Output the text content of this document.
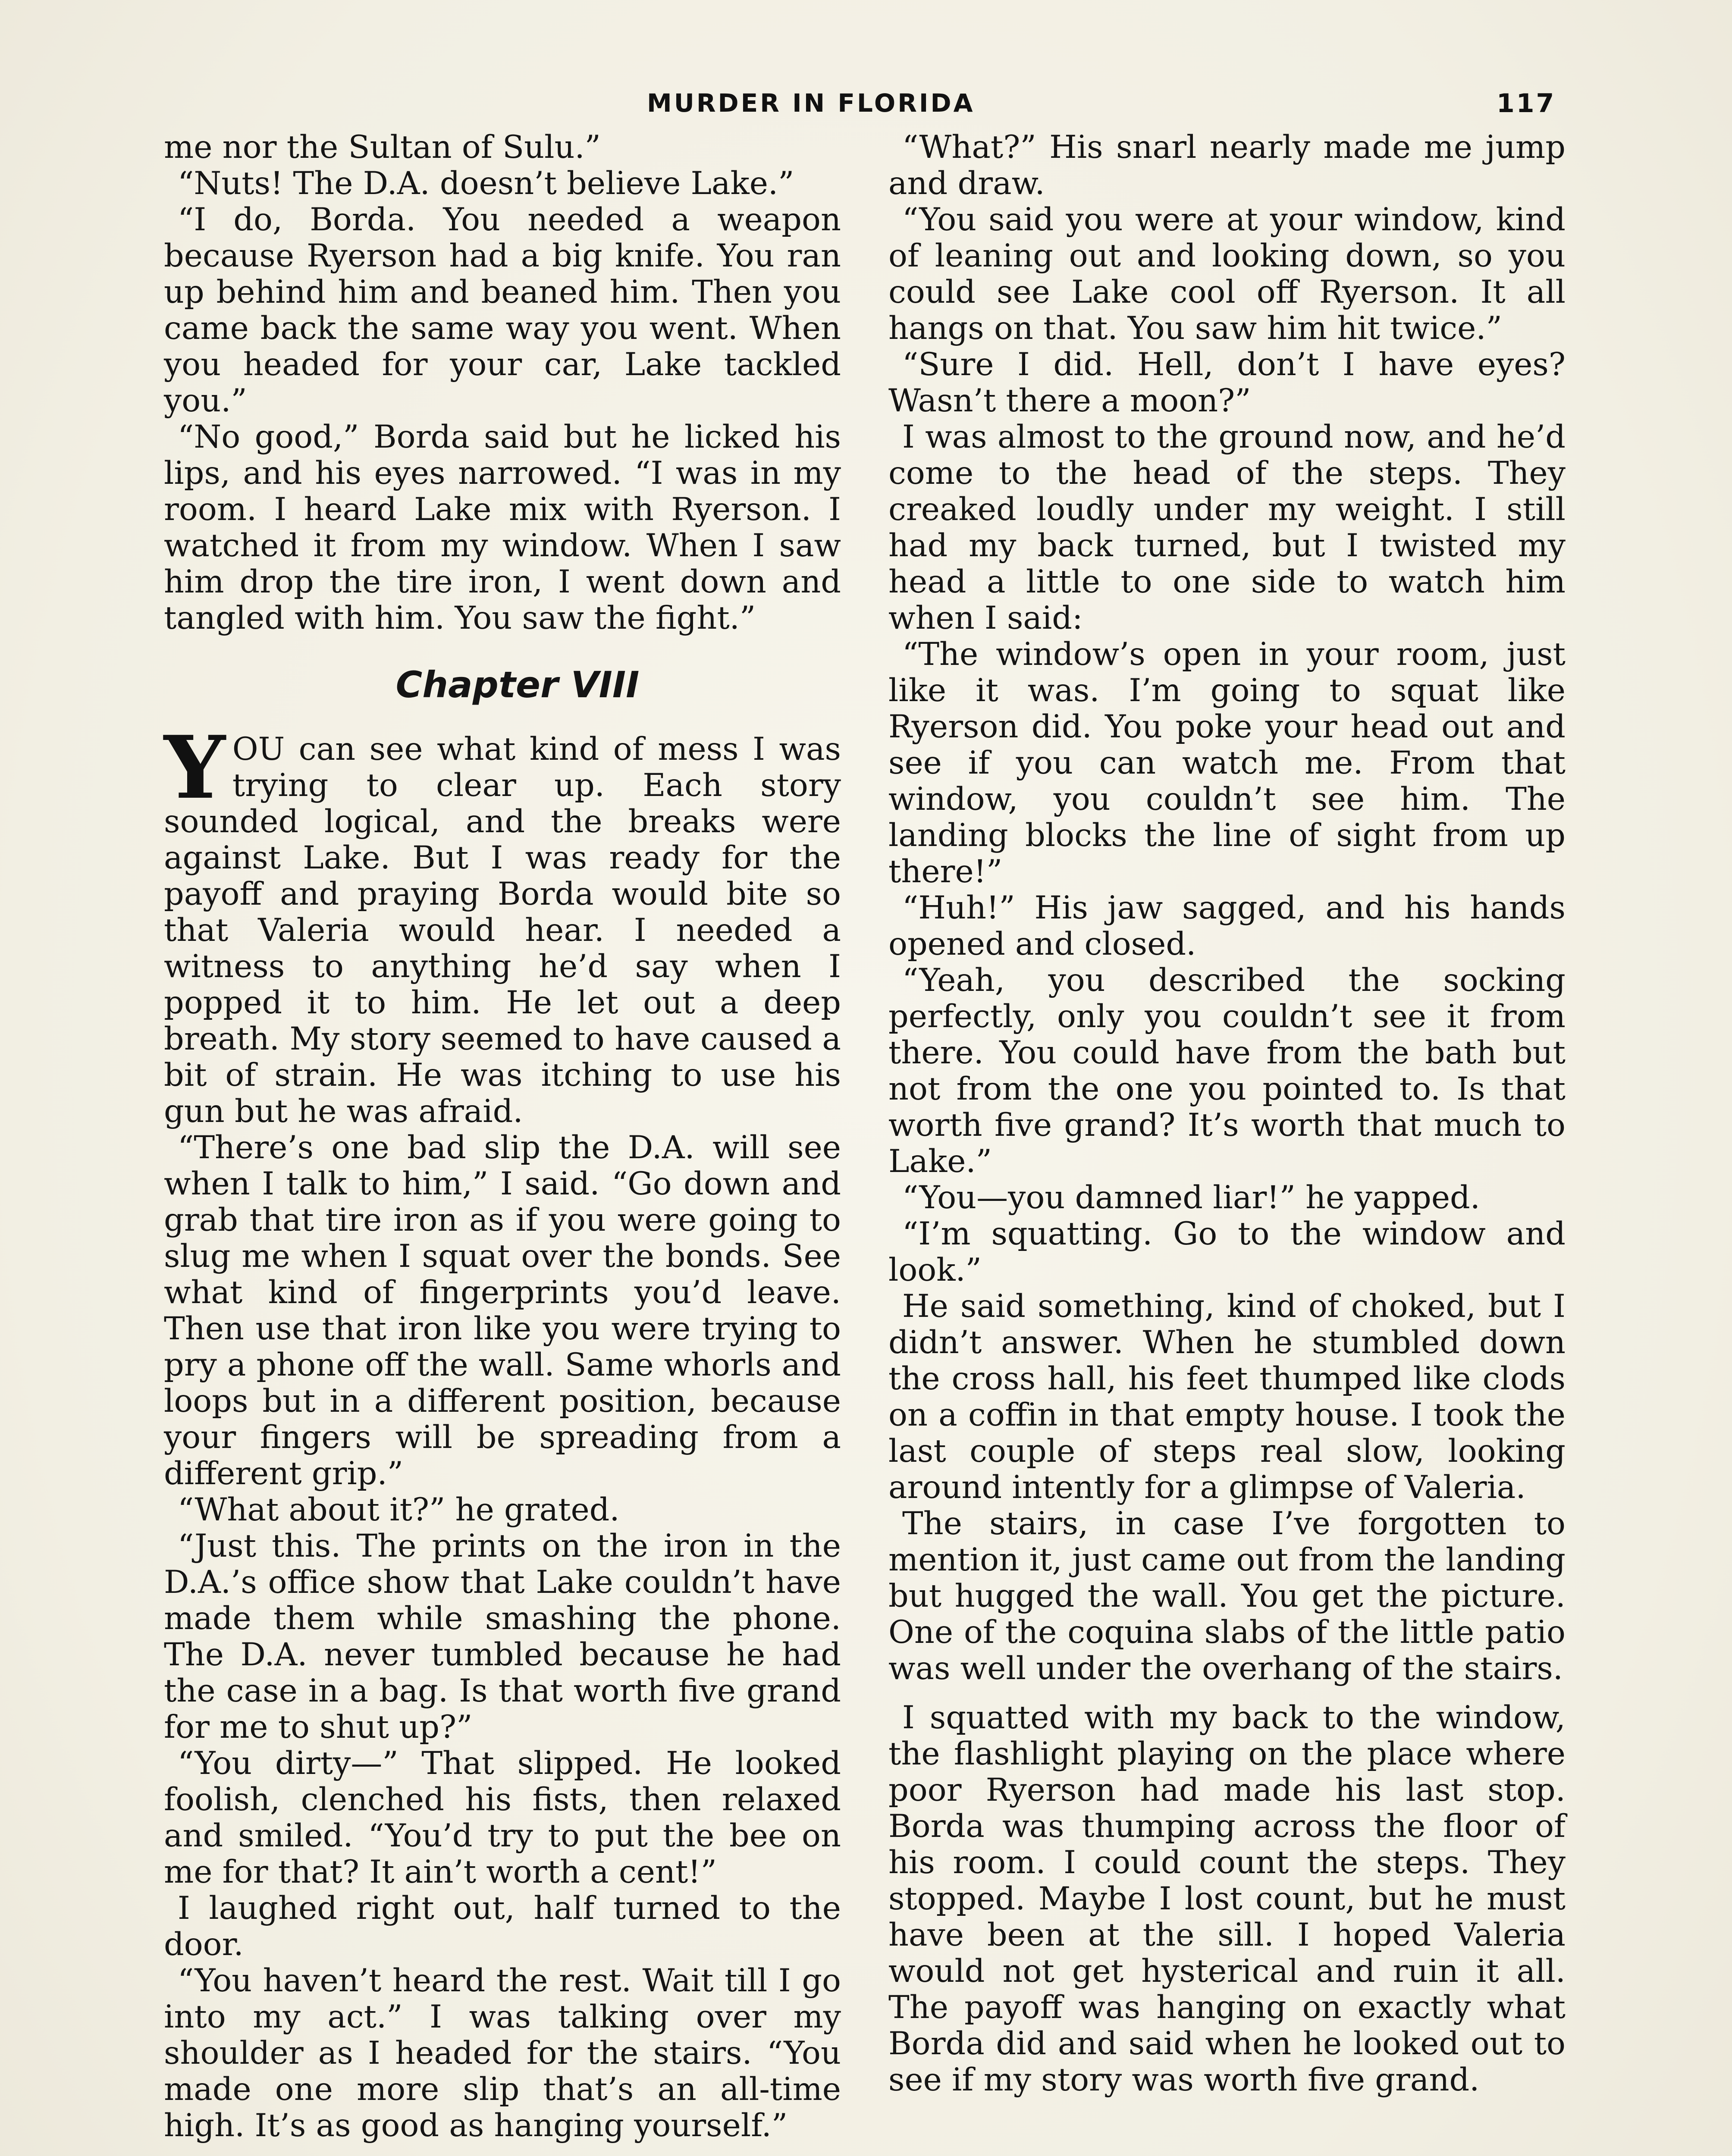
MURDER IN FLORIDA	117

me nor the Sultan of Sulu.”

“Nuts! The D.A. doesn’t believe Lake.”

“I do, Borda. You needed a weapon because Ryerson had a big knife. You ran up behind him and beaned him. Then you came back the same way you went. When you headed for your car, Lake tackled you.”

“No good,” Borda said but he licked his lips, and his eyes narrowed. “I was in my room. I heard Lake mix with Ryerson. I watched it from my window. When I saw him drop the tire iron, I went down and tangled with him. You saw the fight.”

Chapter VIII

YOU can see what kind of mess I was trying to clear up. Each story sounded logical, and the breaks were against Lake. But I was ready for the payoff and praying Borda would bite so that Valeria would hear. I needed a witness to anything he’d say when I popped it to him. He let out a deep breath. My story seemed to have caused a bit of strain. He was itching to use his gun but he was afraid.

“There’s one bad slip the D.A. will see when I talk to him,” I said. “Go down and grab that tire iron as if you were going to slug me when I squat over the bonds. See what kind of fingerprints you’d leave. Then use that iron like you were trying to pry a phone off the wall. Same whorls and loops but in a different position, because your fingers will be spreading from a different grip.”

“What about it?” he grated.

“Just this. The prints on the iron in the D.A.’s office show that Lake couldn’t have made them while smashing the phone. The D.A. never tumbled because he had the case in a bag. Is that worth five grand for me to shut up?”

“You dirty—” That slipped. He looked foolish, clenched his fists, then relaxed and smiled. “You’d try to put the bee on me for that? It ain’t worth a cent!”

I laughed right out, half turned to the door.

“You haven’t heard the rest. Wait till I go into my act.” I was talking over my shoulder as I headed for the stairs. “You made one more slip that’s an all-time high. It’s as good as hanging yourself.”

“What?” His snarl nearly made me jump and draw.

“You said you were at your window, kind of leaning out and looking down, so you could see Lake cool off Ryerson. It all hangs on that. You saw him hit twice.”

“Sure I did. Hell, don’t I have eyes? Wasn’t there a moon?”

I was almost to the ground now, and he’d come to the head of the steps. They creaked loudly under my weight. I still had my back turned, but I twisted my head a little to one side to watch him when I said:

“The window’s open in your room, just like it was. I’m going to squat like Ryerson did. You poke your head out and see if you can watch me. From that window, you couldn’t see him. The landing blocks the line of sight from up there!”

“Huh!” His jaw sagged, and his hands opened and closed.

“Yeah, you described the socking perfectly, only you couldn’t see it from there. You could have from the bath but not from the one you pointed to. Is that worth five grand? It’s worth that much to Lake.”

“You—you damned liar!” he yapped.

“I’m squatting. Go to the window and look.”

He said something, kind of choked, but I didn’t answer. When he stumbled down the cross hall, his feet thumped like clods on a coffin in that empty house. I took the last couple of steps real slow, looking around intently for a glimpse of Valeria.

The stairs, in case I’ve forgotten to mention it, just came out from the landing but hugged the wall. You get the picture. One of the coquina slabs of the little patio was well under the overhang of the stairs.

I squatted with my back to the window, the flashlight playing on the place where poor Ryerson had made his last stop. Borda was thumping across the floor of his room. I could count the steps. They stopped. Maybe I lost count, but he must have been at the sill. I hoped Valeria would not get hysterical and ruin it all. The payoff was hanging on exactly what Borda did and said when he looked out to see if my story was worth five grand.
